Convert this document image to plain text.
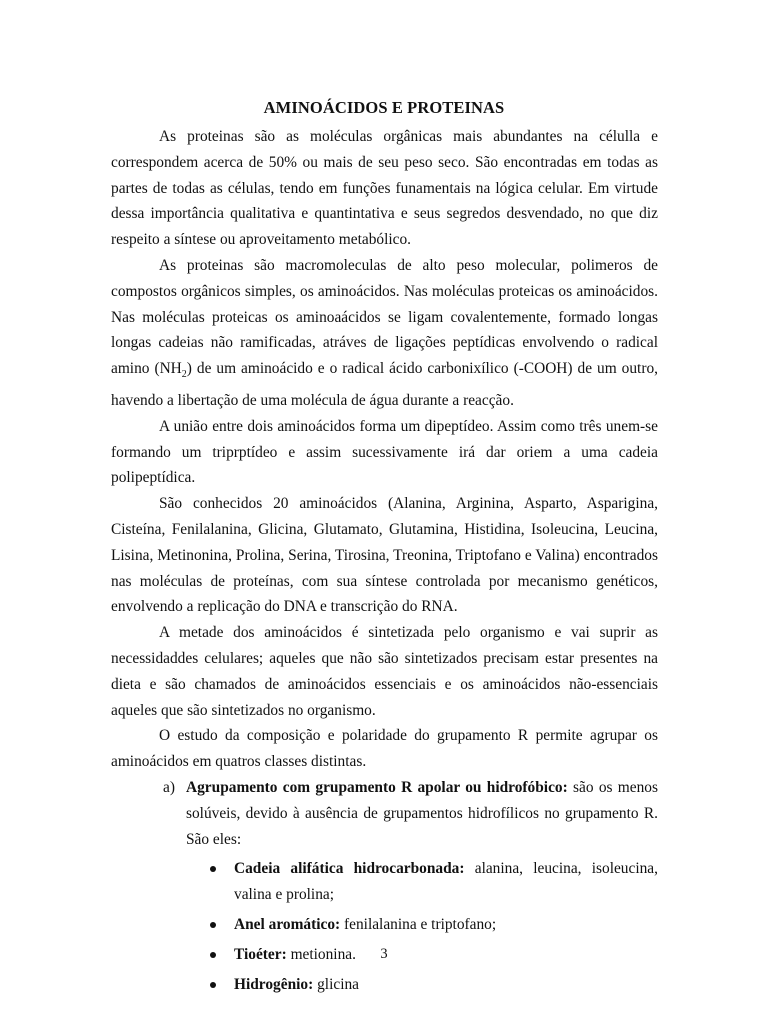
AMINOÁCIDOS E PROTEINAS

As proteinas são as moléculas orgânicas mais abundantes na célulla e correspondem acerca de 50% ou mais de seu peso seco. São encontradas em todas as partes de todas as células, tendo em funções funamentais na lógica celular. Em virtude dessa importância qualitativa e quantintativa e seus segredos desvendado, no que diz respeito a síntese ou aproveitamento metabólico.

As proteinas são macromoleculas de alto peso molecular, polimeros de compostos orgânicos simples, os aminoácidos. Nas moléculas proteicas os aminoácidos. Nas moléculas proteicas os aminoaácidos se ligam covalentemente, formado longas longas cadeias não ramificadas, atráves de ligações peptídicas envolvendo o radical amino $(NH_2)$ de um aminoácido e o radical ácido carbonixílico (-COOH) de um outro, havendo a libertação de uma molécula de água durante a reacção.

A união entre dois aminoácidos forma um dipeptídeo. Assim como três unem-se formando um triprptídeo e assim sucessivamente irá dar oriem a uma cadeia polipeptídica.

São conhecidos 20 aminoácidos (Alanina, Arginina, Asparto, Asparigina, Cisteína, Fenilalanina, Glicina, Glutamato, Glutamina, Histidina, Isoleucina, Leucina, Lisina, Metinonina, Prolina, Serina, Tirosina, Treonina, Triptofano e Valina) encontrados nas moléculas de proteínas, com sua síntese controlada por mecanismo genéticos, envolvendo a replicação do DNA e transcrição do RNA.

A metade dos aminoácidos é sintetizada pelo organismo e vai suprir as necessidaddes celulares; aqueles que não são sintetizados precisam estar presentes na dieta e são chamados de aminoácidos essenciais e os aminoácidos não-essenciais aqueles que são sintetizados no organismo.

O estudo da composição e polaridade do grupamento R permite agrupar os aminoácidos em quatros classes distintas.

a) Agrupamento com grupamento R apolar ou hidrofóbico: são os menos solúveis, devido à ausência de grupamentos hidrofílicos no grupamento R. São eles:
Cadeia alifática hidrocarbonada: alanina, leucina, isoleucina, valina e prolina;
Anel aromático: fenilalanina e triptofano;
Tioéter: metionina.
Hidrogênio: glicina
3
